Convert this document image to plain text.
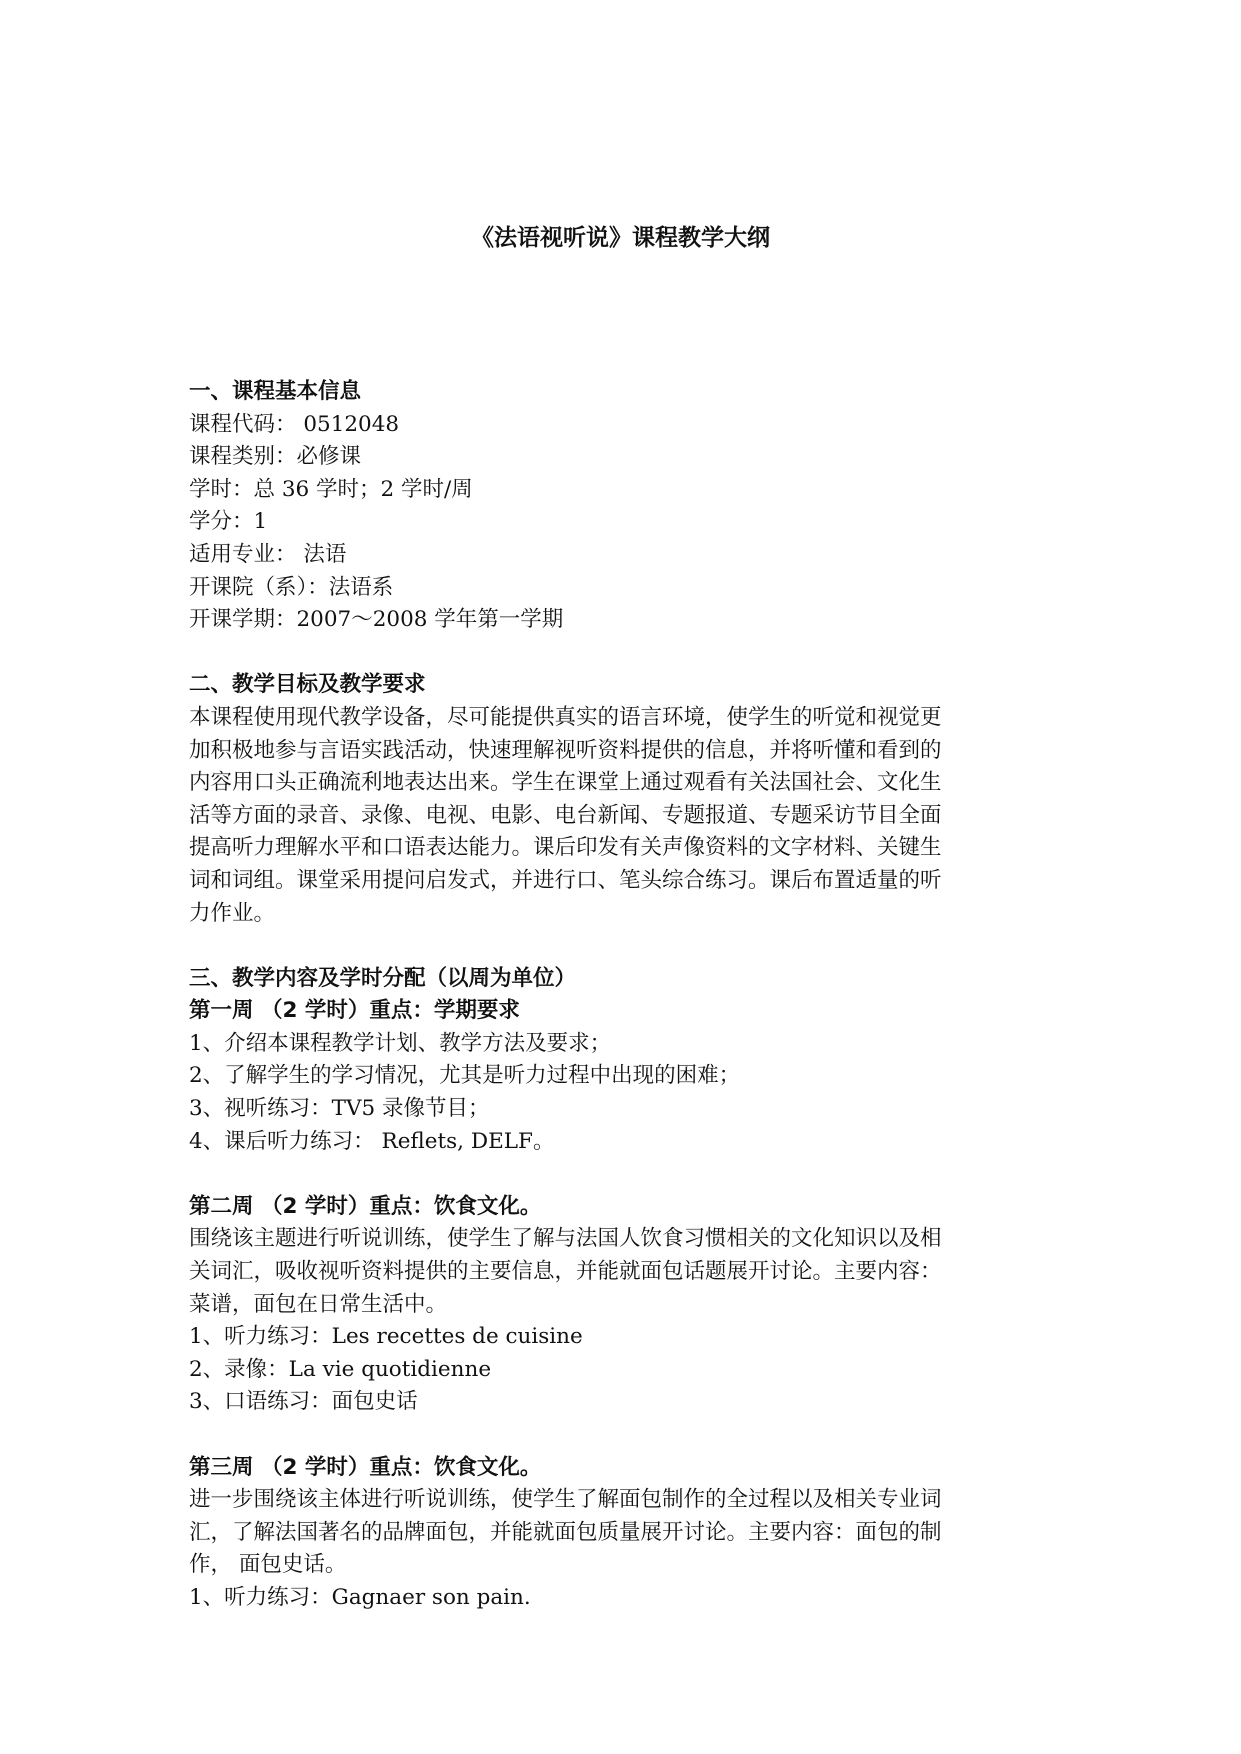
《法语视听说》课程教学大纲

一、课程基本信息

课程代码： 0512048

课程类别：必修课

学时：总 36 学时；2 学时/周

学分：1

适用专业： 法语

开课院（系）：法语系

开课学期：2007～2008 学年第一学期

二、教学目标及教学要求

本课程使用现代教学设备，尽可能提供真实的语言环境，使学生的听觉和视觉更
加积极地参与言语实践活动，快速理解视听资料提供的信息，并将听懂和看到的
内容用口头正确流利地表达出来。学生在课堂上通过观看有关法国社会、文化生
活等方面的录音、录像、电视、电影、电台新闻、专题报道、专题采访节目全面
提高听力理解水平和口语表达能力。课后印发有关声像资料的文字材料、关键生
词和词组。课堂采用提问启发式，并进行口、笔头综合练习。课后布置适量的听
力作业。

三、教学内容及学时分配（以周为单位）

第一周 （2 学时）重点：学期要求

1、介绍本课程教学计划、教学方法及要求；

2、了解学生的学习情况，尤其是听力过程中出现的困难；

3、视听练习：TV5 录像节目；

4、课后听力练习： Reflets, DELF。

第二周 （2 学时）重点：饮食文化。

围绕该主题进行听说训练，使学生了解与法国人饮食习惯相关的文化知识以及相
关词汇，吸收视听资料提供的主要信息，并能就面包话题展开讨论。主要内容：
菜谱，面包在日常生活中。

1、听力练习：Les recettes de cuisine

2、录像：La vie quotidienne

3、口语练习：面包史话

第三周 （2 学时）重点：饮食文化。

进一步围绕该主体进行听说训练，使学生了解面包制作的全过程以及相关专业词
汇，了解法国著名的品牌面包，并能就面包质量展开讨论。主要内容：面包的制
作， 面包史话。

1、听力练习：Gagnaer son pain.
